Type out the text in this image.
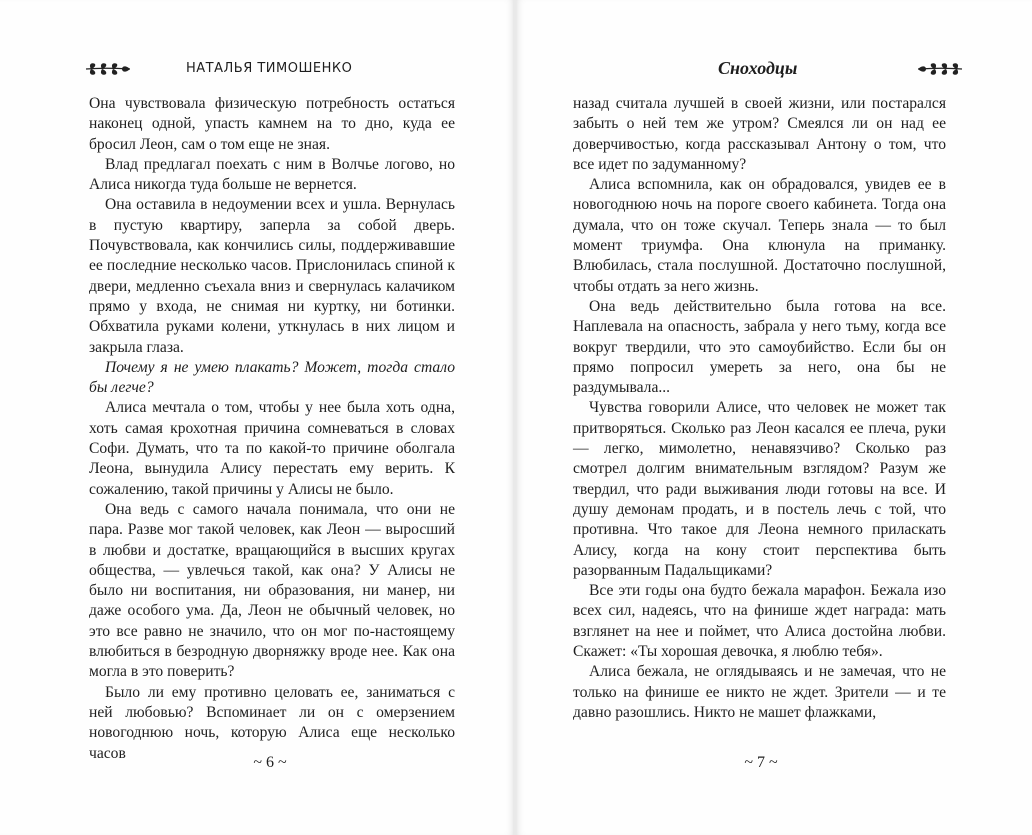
НАТАЛЬЯ ТИМОШЕНКО

Она чувствовала физическую потребность остаться наконец одной, упасть камнем на то дно, куда ее бросил Леон, сам о том еще не зная.

Влад предлагал поехать с ним в Волчье логово, но Алиса никогда туда больше не вернется.

Она оставила в недоумении всех и ушла. Вернулась в пустую квартиру, заперла за собой дверь. Почувствовала, как кончились силы, поддерживавшие ее последние несколько часов. Прислонилась спиной к двери, медленно съехала вниз и свернулась калачиком прямо у входа, не снимая ни куртку, ни ботинки. Обхватила руками колени, уткнулась в них лицом и закрыла глаза.

Почему я не умею плакать? Может, тогда стало бы легче?

Алиса мечтала о том, чтобы у нее была хоть одна, хоть самая крохотная причина сомневаться в словах Софи. Думать, что та по какой-то причине оболгала Леона, вынудила Алису перестать ему верить. К сожалению, такой причины у Алисы не было.

Она ведь с самого начала понимала, что они не пара. Разве мог такой человек, как Леон — выросший в любви и достатке, вращающийся в высших кругах общества, — увлечься такой, как она? У Алисы не было ни воспитания, ни образования, ни манер, ни даже особого ума. Да, Леон не обычный человек, но это все равно не значило, что он мог по-настоящему влюбиться в безродную дворняжку вроде нее. Как она могла в это поверить?

Было ли ему противно целовать ее, заниматься с ней любовью? Вспоминает ли он с омерзением новогоднюю ночь, которую Алиса еще несколько часов

~ 6 ~
Сноходцы

назад считала лучшей в своей жизни, или постарался забыть о ней тем же утром? Смеялся ли он над ее доверчивостью, когда рассказывал Антону о том, что все идет по задуманному?

Алиса вспомнила, как он обрадовался, увидев ее в новогоднюю ночь на пороге своего кабинета. Тогда она думала, что он тоже скучал. Теперь знала — то был момент триумфа. Она клюнула на приманку. Влюбилась, стала послушной. Достаточно послушной, чтобы отдать за него жизнь.

Она ведь действительно была готова на все. Наплевала на опасность, забрала у него тьму, когда все вокруг твердили, что это самоубийство. Если бы он прямо попросил умереть за него, она бы не раздумывала...

Чувства говорили Алисе, что человек не может так притворяться. Сколько раз Леон касался ее плеча, руки — легко, мимолетно, ненавязчиво? Сколько раз смотрел долгим внимательным взглядом? Разум же твердил, что ради выживания люди готовы на все. И душу демонам продать, и в постель лечь с той, что противна. Что такое для Леона немного приласкать Алису, когда на кону стоит перспектива быть разорванным Падальщиками?

Все эти годы она будто бежала марафон. Бежала изо всех сил, надеясь, что на финише ждет награда: мать взглянет на нее и поймет, что Алиса достойна любви. Скажет: «Ты хорошая девочка, я люблю тебя».

Алиса бежала, не оглядываясь и не замечая, что не только на финише ее никто не ждет. Зрители — и те давно разошлись. Никто не машет флажками,

~ 7 ~
